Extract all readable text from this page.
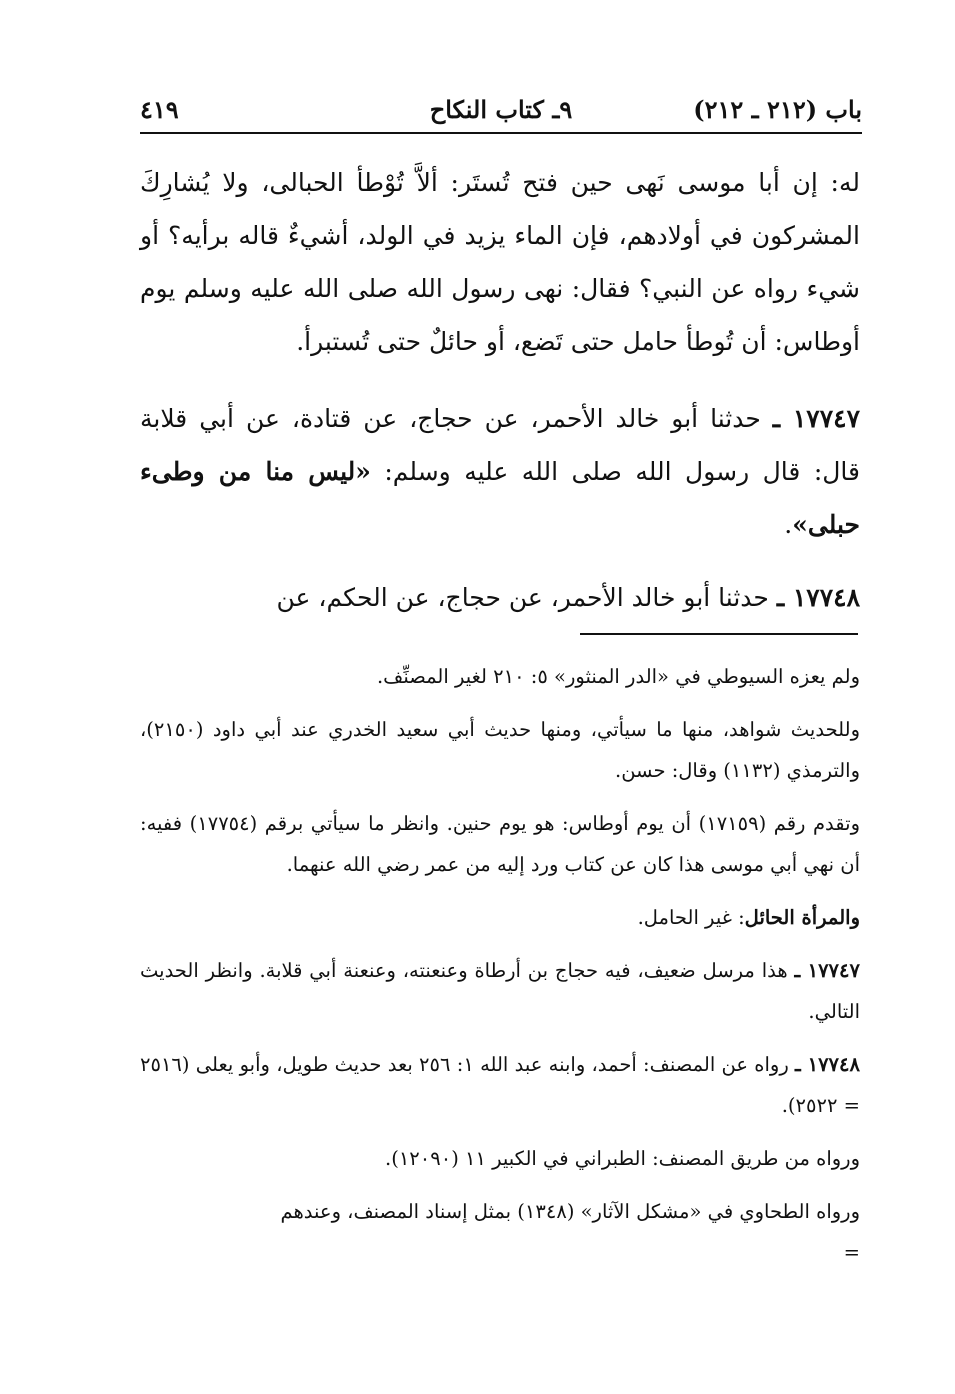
باب (٢١٢ ـ ٢١٢)
٩ـ كتاب النكاح
٤١٩

له: إن أبا موسى نَهى حين فتح تُستَر: ألاَّ تُوْطأ الحبالى، ولا يُشارِكَ المشركون في أولادهم، فإن الماء يزيد في الولد، أشيءٌ قاله برأيه؟ أو شيء رواه عن النبي؟ فقال: نهى رسول الله صلى الله عليه وسلم يوم أوطاس: أن تُوطأ حامل حتى تَضع، أو حائلٌ حتى تُستبرأ.

١٧٧٤٧ ـ حدثنا أبو خالد الأحمر، عن حجاج، عن قتادة، عن أبي قلابة قال: قال رسول الله صلى الله عليه وسلم: «ليس منا من وطىء حبلى».

١٧٧٤٨ ـ حدثنا أبو خالد الأحمر، عن حجاج، عن الحكم، عن

ولم يعزه السيوطي في «الدر المنثور» ٥: ٢١٠ لغير المصنِّف.

وللحديث شواهد، منها ما سيأتي، ومنها حديث أبي سعيد الخدري عند أبي داود (٢١٥٠)، والترمذي (١١٣٢) وقال: حسن.

وتقدم رقم (١٧١٥٩) أن يوم أوطاس: هو يوم حنين. وانظر ما سيأتي برقم (١٧٧٥٤) ففيه: أن نهي أبي موسى هذا كان عن كتاب ورد إليه من عمر رضي الله عنهما.

والمرأة الحائل: غير الحامل.

١٧٧٤٧ ـ هذا مرسل ضعيف، فيه حجاج بن أرطاة وعنعنته، وعنعنة أبي قلابة. وانظر الحديث التالي.

١٧٧٤٨ ـ رواه عن المصنف: أحمد، وابنه عبد الله ١: ٢٥٦ بعد حديث طويل، وأبو يعلى (٢٥١٦ = ٢٥٢٢).

ورواه من طريق المصنف: الطبراني في الكبير ١١ (١٢٠٩٠).

ورواه الطحاوي في «مشكل الآثار» (١٣٤٨) بمثل إسناد المصنف، وعندهم
=
